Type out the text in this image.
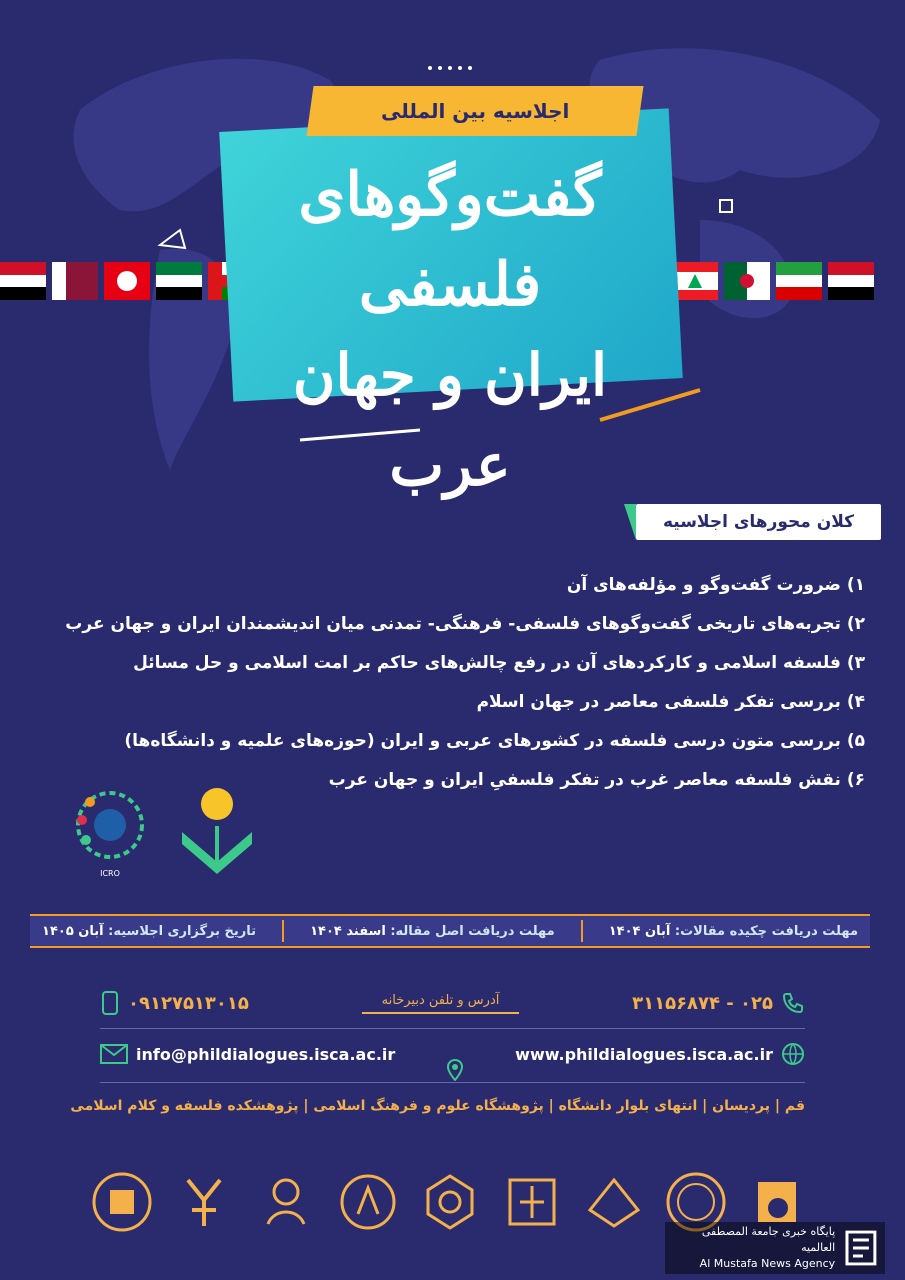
اجلاسیه بین المللی
گفت‌وگوهای فلسفی
ایران و جهان عرب
کلان محورهای اجلاسیه
۱) ضرورت گفت‌وگو و مؤلفه‌های آن
۲) تجربه‌های تاریخی گفت‌وگوهای فلسفی- فرهنگی- تمدنی میان اندیشمندان ایران و جهان عرب
۳) فلسفه اسلامی و کارکردهای آن در رفع چالش‌های حاکم بر امت اسلامی و حل مسائل
۴) بررسی تفکر فلسفی معاصر در جهان اسلام
۵) بررسی متون درسی فلسفه در کشورهای عربی و ایران (حوزه‌های علمیه و دانشگاه‌ها)
۶) نقش فلسفه معاصر غرب در تفکر فلسفیِ ایران و جهان عرب
ICRO
مهلت دریافت چکیده مقالات: آبان ۱۴۰۴
مهلت دریافت اصل مقاله: اسفند ۱۴۰۴
تاریخ برگزاری اجلاسیه: آبان ۱۴۰۵
۰۲۵ - ۳۱۱۵۶۸۷۴
آدرس و تلفن دبیرخانه
۰۹۱۲۷۵۱۳۰۱۵
www.phildialogues.isca.ac.ir
info@phildialogues.isca.ac.ir
قم | پردیسان | انتهای بلوار دانشگاه | پژوهشگاه علوم و فرهنگ اسلامی | پژوهشکده فلسفه و کلام اسلامی
پایگاه خبری جامعة المصطفی العالمیه
Al Mustafa News Agency
